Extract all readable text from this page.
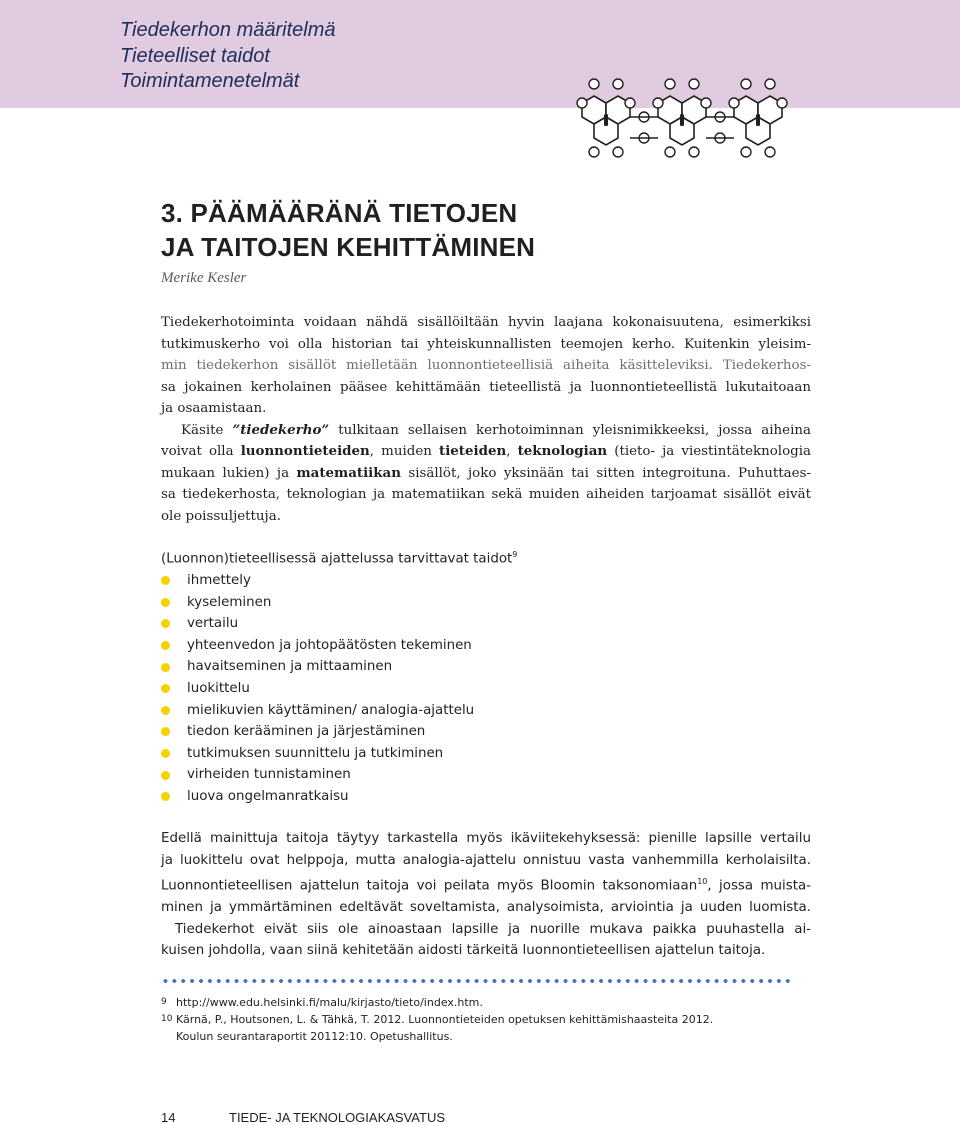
Tiedekerhon määritelmä
Tieteelliset taidot
Toimintamenetelmät
3. PÄÄMÄÄRÄNÄ TIETOJEN
JA TAITOJEN KEHITTÄMINEN
Merike Kesler
Tiedekerhotoiminta voidaan nähdä sisällöiltään hyvin laajana kokonaisuutena, esimerkiksi
tutkimuskerho voi olla historian tai yhteiskunnallisten teemojen kerho. Kuitenkin yleisim-
min tiedekerhon sisällöt mielletään luonnontieteellisiä aiheita käsitteleviksi. Tiedekerhos-
sa jokainen kerholainen pääsee kehittämään tieteellistä ja luonnontieteellistä lukutaitoaan
ja osaamistaan.
Käsite ”tiedekerho” tulkitaan sellaisen kerhotoiminnan yleisnimikkeeksi, jossa aiheina
voivat olla luonnontieteiden, muiden tieteiden, teknologian (tieto- ja viestintäteknologia
mukaan lukien) ja matematiikan sisällöt, joko yksinään tai sitten integroituna. Puhuttaes-
sa tiedekerhosta, teknologian ja matematiikan sekä muiden aiheiden tarjoamat sisällöt eivät
ole poissuljettuja.
(Luonnon)tieteellisessä ajattelussa tarvittavat taidot$^9$
ihmettely
kyseleminen
vertailu
yhteenvedon ja johtopäätösten tekeminen
havaitseminen ja mittaaminen
luokittelu
mielikuvien käyttäminen/ analogia-ajattelu
tiedon kerääminen ja järjestäminen
tutkimuksen suunnittelu ja tutkiminen
virheiden tunnistaminen
luova ongelmanratkaisu
Edellä mainittuja taitoja täytyy tarkastella myös ikäviitekehyksessä: pienille lapsille vertailu
ja luokittelu ovat helppoja, mutta analogia-ajattelu onnistuu vasta vanhemmilla kerholaisilta.
Luonnontieteellisen ajattelun taitoja voi peilata myös Bloomin taksonomiaan$^{10}$, jossa muista-
minen ja ymmärtäminen edeltävät soveltamista, analysoimista, arviointia ja uuden luomista.
Tiedekerhot eivät siis ole ainoastaan lapsille ja nuorille mukava paikka puuhastella ai-
kuisen johdolla, vaan siinä kehitetään aidosti tärkeitä luonnontieteellisen ajattelun taitoja.
9 http://www.edu.helsinki.fi/malu/kirjasto/tieto/index.htm.
10 Kärnä, P., Houtsonen, L. & Tähkä, T. 2012. Luonnontieteiden opetuksen kehittämishaasteita 2012.
Koulun seurantaraportit 20112:10. Opetushallitus.
14	TIEDE- JA TEKNOLOGIAKASVATUS
